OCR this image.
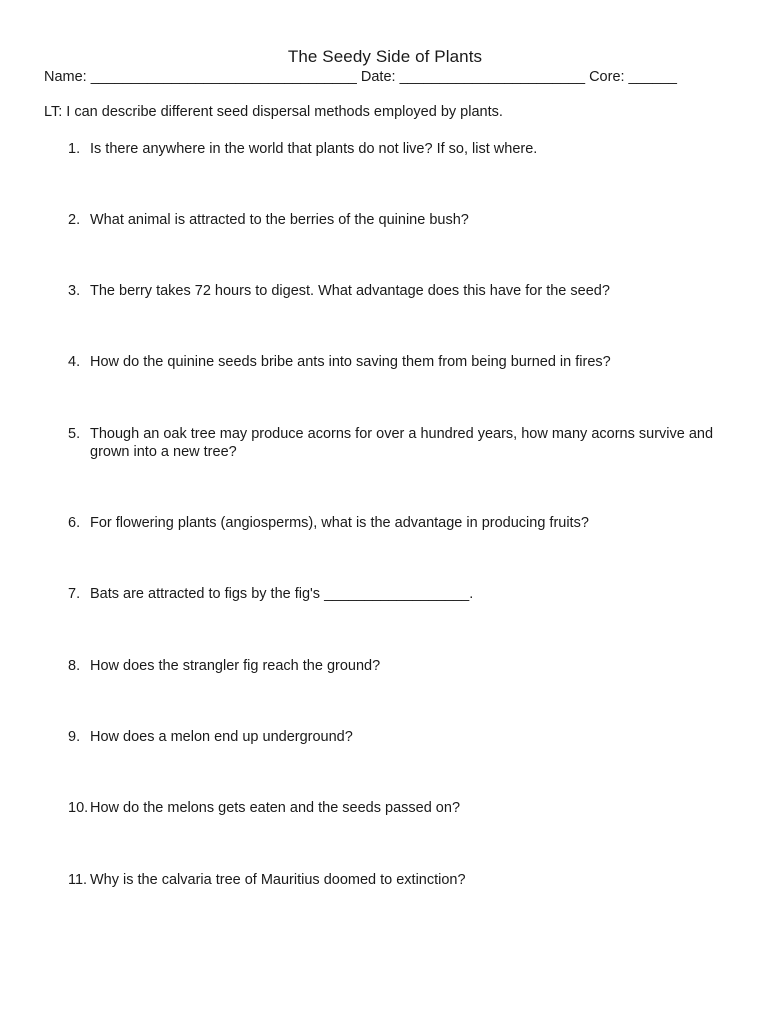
The Seedy Side of Plants
Name: _________________________________ Date: _______________________ Core: ______
LT: I can describe different seed dispersal methods employed by plants.
1. Is there anywhere in the world that plants do not live? If so, list where.
2. What animal is attracted to the berries of the quinine bush?
3. The berry takes 72 hours to digest. What advantage does this have for the seed?
4. How do the quinine seeds bribe ants into saving them from being burned in fires?
5. Though an oak tree may produce acorns for over a hundred years, how many acorns survive and grown into a new tree?
6. For flowering plants (angiosperms), what is the advantage in producing fruits?
7. Bats are attracted to figs by the fig's __________________.
8. How does the strangler fig reach the ground?
9. How does a melon end up underground?
10. How do the melons gets eaten and the seeds passed on?
11. Why is the calvaria tree of Mauritius doomed to extinction?
